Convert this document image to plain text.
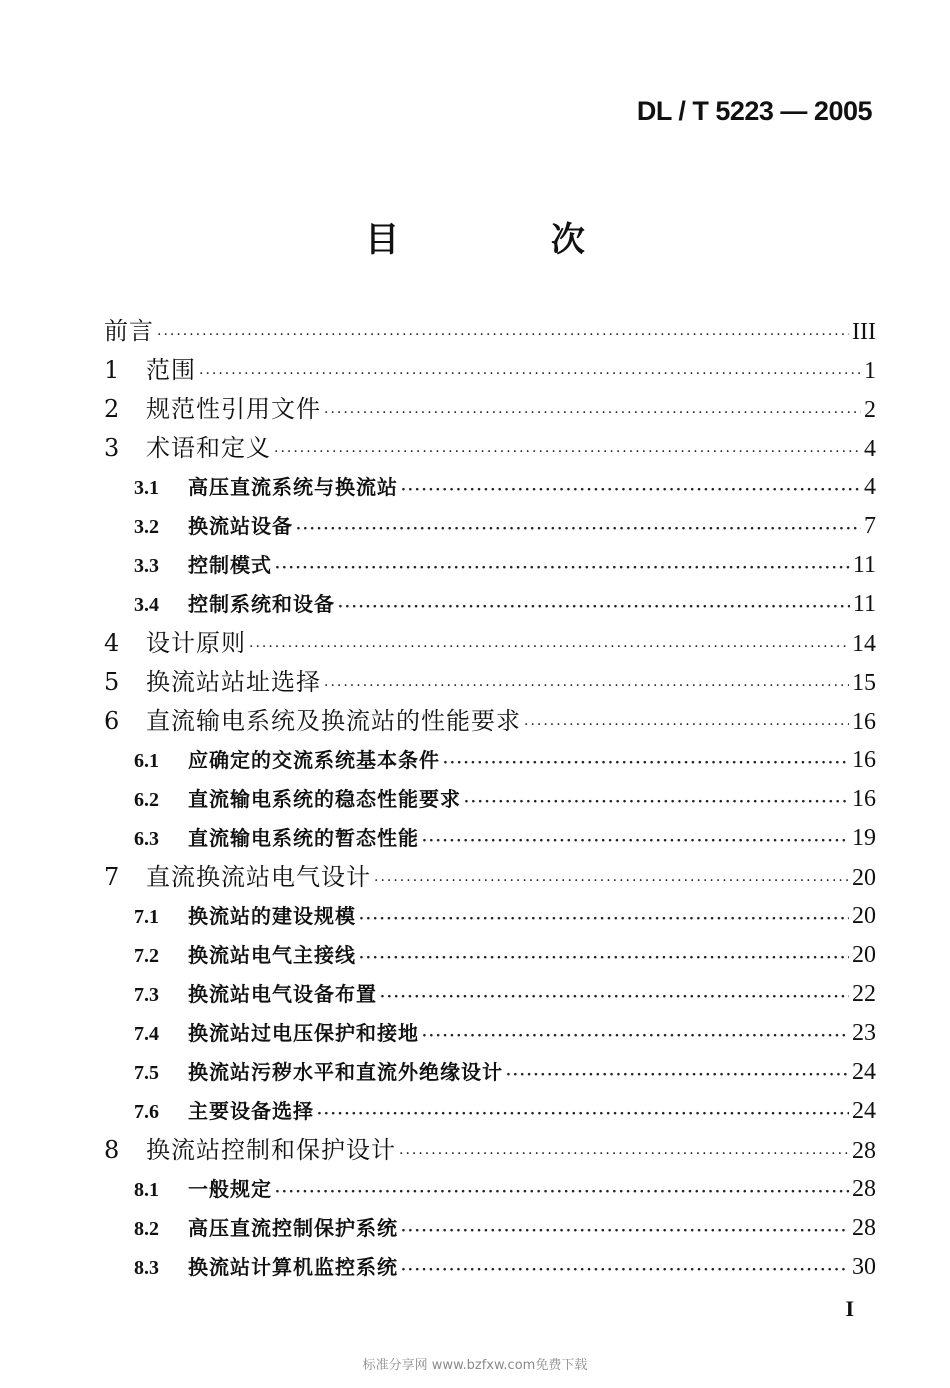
DL / T 5223 — 2005
目 次
前言 ·····	III
1	范围 ·····	1
2	规范性引用文件 ·····	2
3	术语和定义 ·····	4
3.1	高压直流系统与换流站 ·····	4
3.2	换流站设备 ·····	7
3.3	控制模式 ·····	11
3.4	控制系统和设备 ·····	11
4	设计原则 ·····	14
5	换流站站址选择 ·····	15
6	直流输电系统及换流站的性能要求 ·····	16
6.1	应确定的交流系统基本条件 ·····	16
6.2	直流输电系统的稳态性能要求 ·····	16
6.3	直流输电系统的暂态性能 ·····	19
7	直流换流站电气设计 ·····	20
7.1	换流站的建设规模 ·····	20
7.2	换流站电气主接线 ·····	20
7.3	换流站电气设备布置 ·····	22
7.4	换流站过电压保护和接地 ·····	23
7.5	换流站污秽水平和直流外绝缘设计 ·····	24
7.6	主要设备选择 ·····	24
8	换流站控制和保护设计 ·····	28
8.1	一般规定 ·····	28
8.2	高压直流控制保护系统 ·····	28
8.3	换流站计算机监控系统 ·····	30
I
标准分享网 www.bzfxw.com免费下载
